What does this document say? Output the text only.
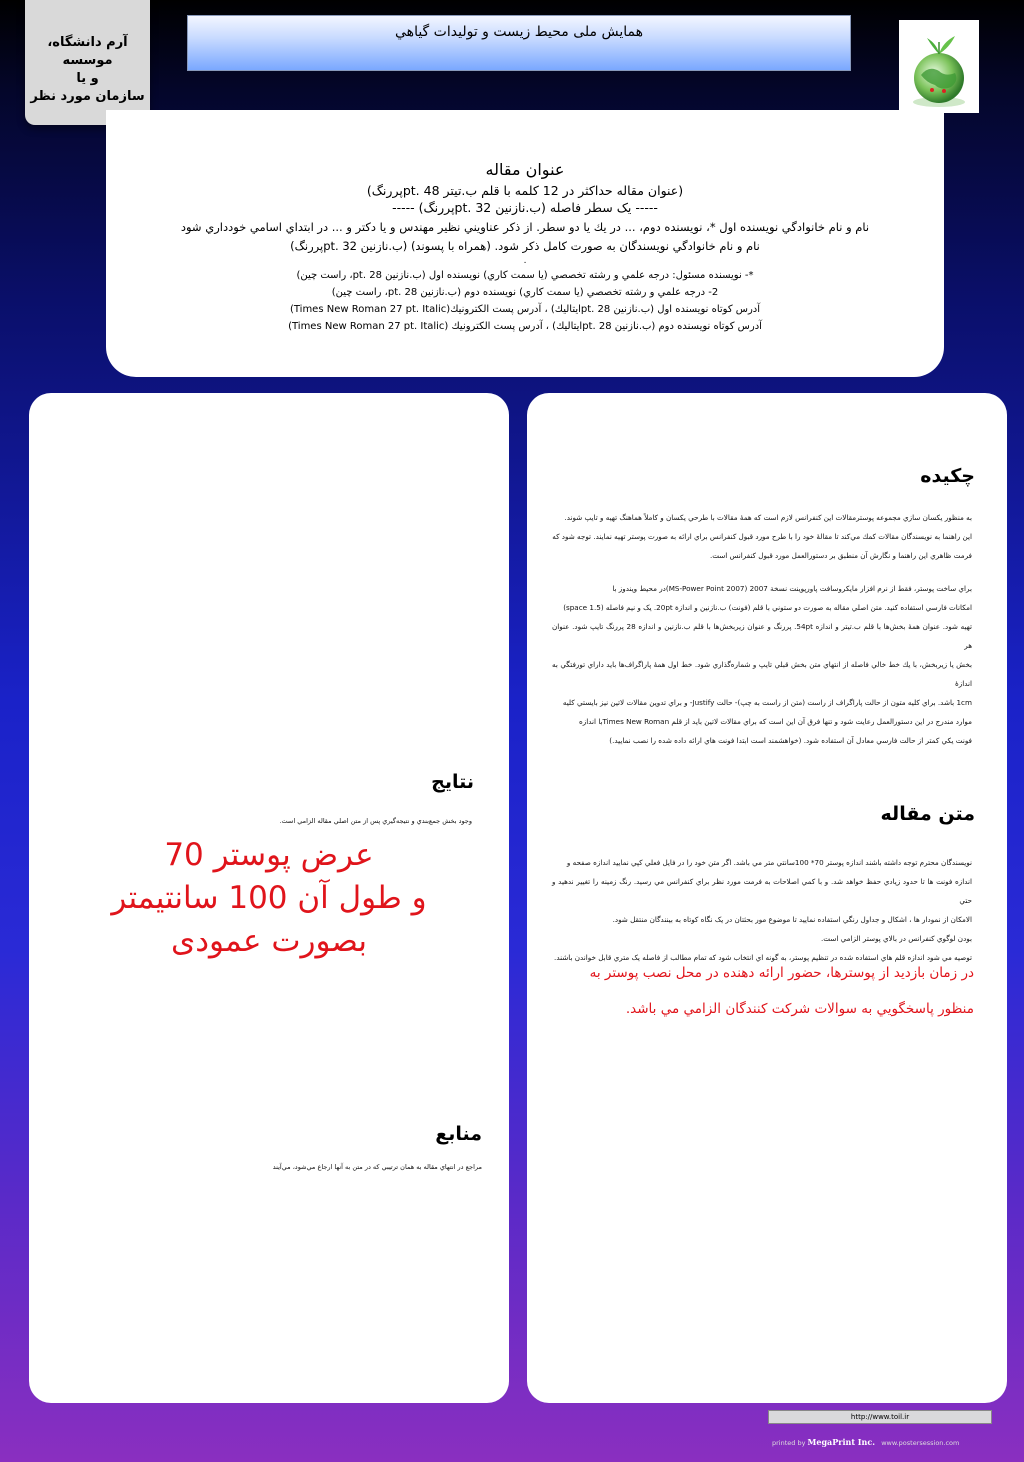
آرم دانشگاه، موسسه
و يا
سازمان مورد نظر
همايش ملی محيط زيست و توليدات گياهي
عنوان مقاله
(عنوان مقاله حداکثر در 12 کلمه با قلم ب.تيتر pt. 48پررنگ)
----- يک سطر فاصله (ب.نازنين pt. 32پررنگ) -----
نام و نام خانوادگي نويسنده اول *، نويسنده دوم، ... در يك يا دو سطر. از ذکر عناويني نظير مهندس و يا دکتر و ... در ابتداي اسامي خودداري شود
نام و نام خانوادگي نويسندگان به صورت کامل ذکر شود. (همراه با پسوند) (ب.نازنين pt. 32پررنگ)
.
*- نويسنده مسئول: درجه علمي و رشته تخصصي (يا سمت کاري) نويسنده اول (ب.نازنين 28 .pt، راست چين)
2- درجه علمي و رشته تخصصي (يا سمت کاري) نويسنده دوم (ب.نازنين 28 .pt، راست چين)
آدرس کوتاه نويسنده اول (ب.نازنين pt. 28ايتاليك) ، آدرس پست الکترونيك(Times New Roman 27 pt. Italic)
آدرس کوتاه نويسنده دوم (ب.نازنين pt. 28ايتاليك) ، آدرس پست الکترونيك (Times New Roman 27 pt. Italic)
نتايج
وجود بخش جمع‌بندي و نتيجه‌گيري پس از متن اصلي مقاله الزامي است.
عرض پوستر 70
و طول آن 100 سانتيمتر
بصورت عمودی
منابع
مراجع در انتهاي مقاله به همان ترتيبي که در متن به آنها ارجاع مي‌شود، مي‌آيند
چكيده
به منظور يکسان سازي مجموعه پوسترمقالات اين کنفرانس لازم است که همۀ مقالات با طرحي يکسان و کاملاً هماهنگ تهيه و تايپ شوند.
اين راهنما به نويسندگان مقالات کمك مي‌کند تا مقالۀ خود را با طرح مورد قبول کنفرانس براي ارائه به صورت پوستر تهيه نمايند. توجه شود که
فرمت ظاهري اين راهنما و نگارش آن منطبق بر دستورالعمل مورد قبول کنفرانس است.
براي ساخت پوستر، فقط از نرم افزار مايکروسافت پاورپوينت نسخة 2007 (MS-Power Point 2007)در محيط ويندوز با
امکانات فارسي استفاده کنيد. متن اصلي مقاله به صورت دو ستوني با قلم (فونت) ب.نازنين و اندازة 20pt. يک و نيم فاصله (1.5 space)
تهيه شود. عنوان همۀ بخش‌ها با قلم ب.تيتر و اندازه 54pt. پررنگ و عنوان زيربخش‌ها با قلم ب.نازنين و اندازه 28 پررنگ تايپ شود. عنوان هر
بخش يا زيربخش، با يك خط خالي فاصله از انتهاي متن بخش قبلي تايپ و شماره‌گذاري شود. خط اول همۀ پاراگراف‌ها بايد داراي تورفتگي به اندازۀ
1cm باشد. براي کليه متون از حالت پاراگراف از راست (متن از راست به چپ)- حالت Justify- و براي تدوين مقالات لاتين نيز بايستي كليه
موارد مندرج در اين دستورالعمل رعايت شود و تنها فرق آن اين است که براي مقالات لاتين بايد از قلم Times New Romanبا اندازه
فونت يکي کمتر از حالت فارسي معادل آن استفاده شود. (خواهشمند است ابتدا فونت هاي ارائه داده شده را نصب نماييد.)
متن مقاله
نويسندگان محترم توجه داشته باشند اندازه پوستر 70* 100سانتي متر مي باشد. اگر متن خود را در فايل فعلي کپي نماييد اندازه صفحه و
اندازه فونت ها تا حدود زيادي حفظ خواهد شد. و با کمي اصلاحات به فرمت مورد نظر براي کنفرانس مي رسيد. رنگ زمينه را تغيير ندهيد و حتي
الامكان از نمودار ها ، اشكال و جداول رنگي استفاده نماييد تا موضوع مور بحثتان در يک نگاه کوتاه به بينندگان منتقل شود.
بودن لوگوي کنفرانس در بالاي پوستر الزامي است.
توصيه مي شود اندازه قلم هاي استفاده شده در تنظيم پوستر، به گونه اي انتخاب شود که تمام مطالب از فاصله يک متري قابل خواندن باشند.
در زمان بازديد از پوسترها، حضور ارائه دهنده در محل نصب پوستر به
منظور پاسخگويي به سوالات شرکت کنندگان الزامي مي باشد.
http://www.toil.ir
printed by MegaPrint Inc. www.postersession.com
